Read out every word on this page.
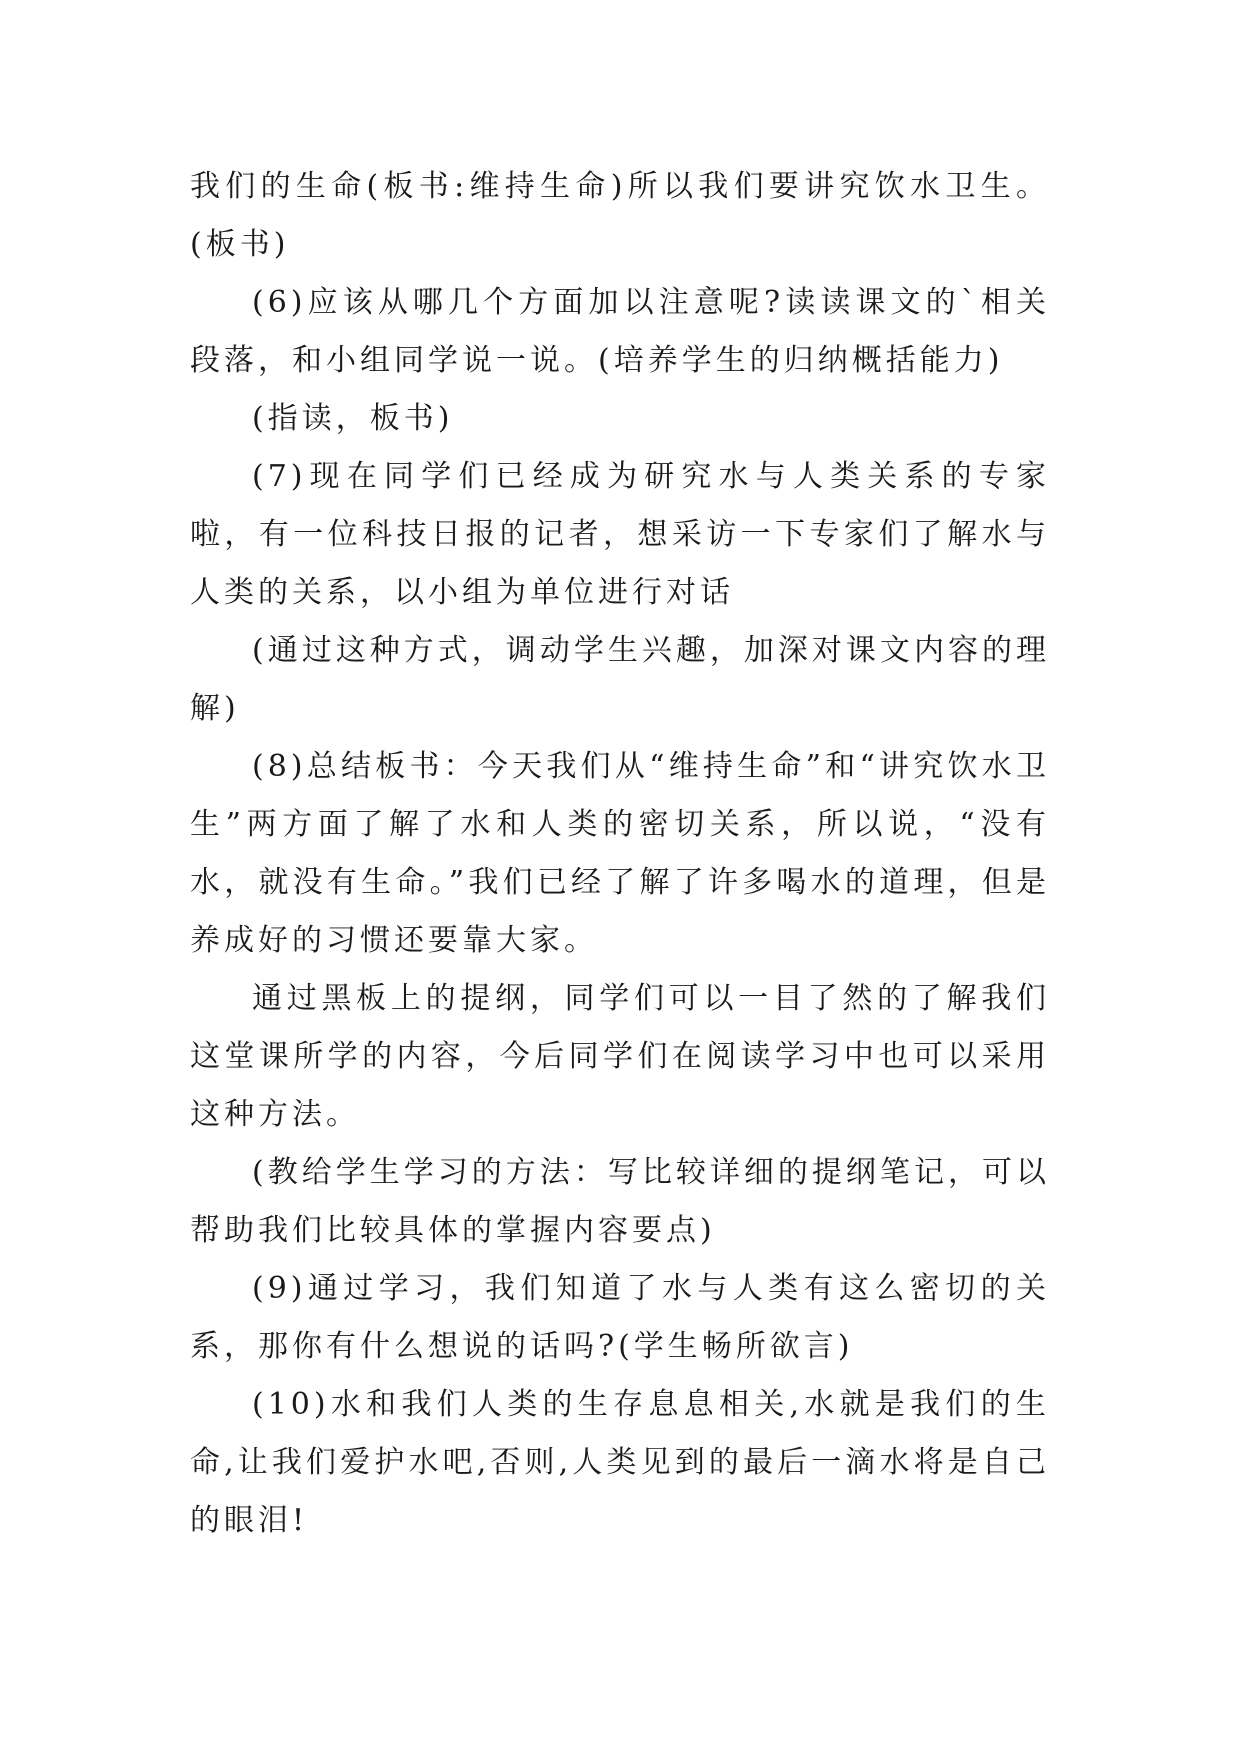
我们的生命(板书:维持生命)所以我们要讲究饮水卫生。(板书)

(6)应该从哪几个方面加以注意呢?读读课文的`相关段落，和小组同学说一说。(培养学生的归纳概括能力)

(指读，板书)

(7)现在同学们已经成为研究水与人类关系的专家啦，有一位科技日报的记者，想采访一下专家们了解水与人类的关系，以小组为单位进行对话

(通过这种方式，调动学生兴趣，加深对课文内容的理解)

(8)总结板书：今天我们从“维持生命”和“讲究饮水卫生”两方面了解了水和人类的密切关系，所以说，“没有水，就没有生命。”我们已经了解了许多喝水的道理，但是养成好的习惯还要靠大家。

通过黑板上的提纲，同学们可以一目了然的了解我们这堂课所学的内容，今后同学们在阅读学习中也可以采用这种方法。

(教给学生学习的方法：写比较详细的提纲笔记，可以帮助我们比较具体的掌握内容要点)

(9)通过学习，我们知道了水与人类有这么密切的关系，那你有什么想说的话吗?(学生畅所欲言)

(10)水和我们人类的生存息息相关,水就是我们的生命,让我们爱护水吧,否则,人类见到的最后一滴水将是自己的眼泪!
